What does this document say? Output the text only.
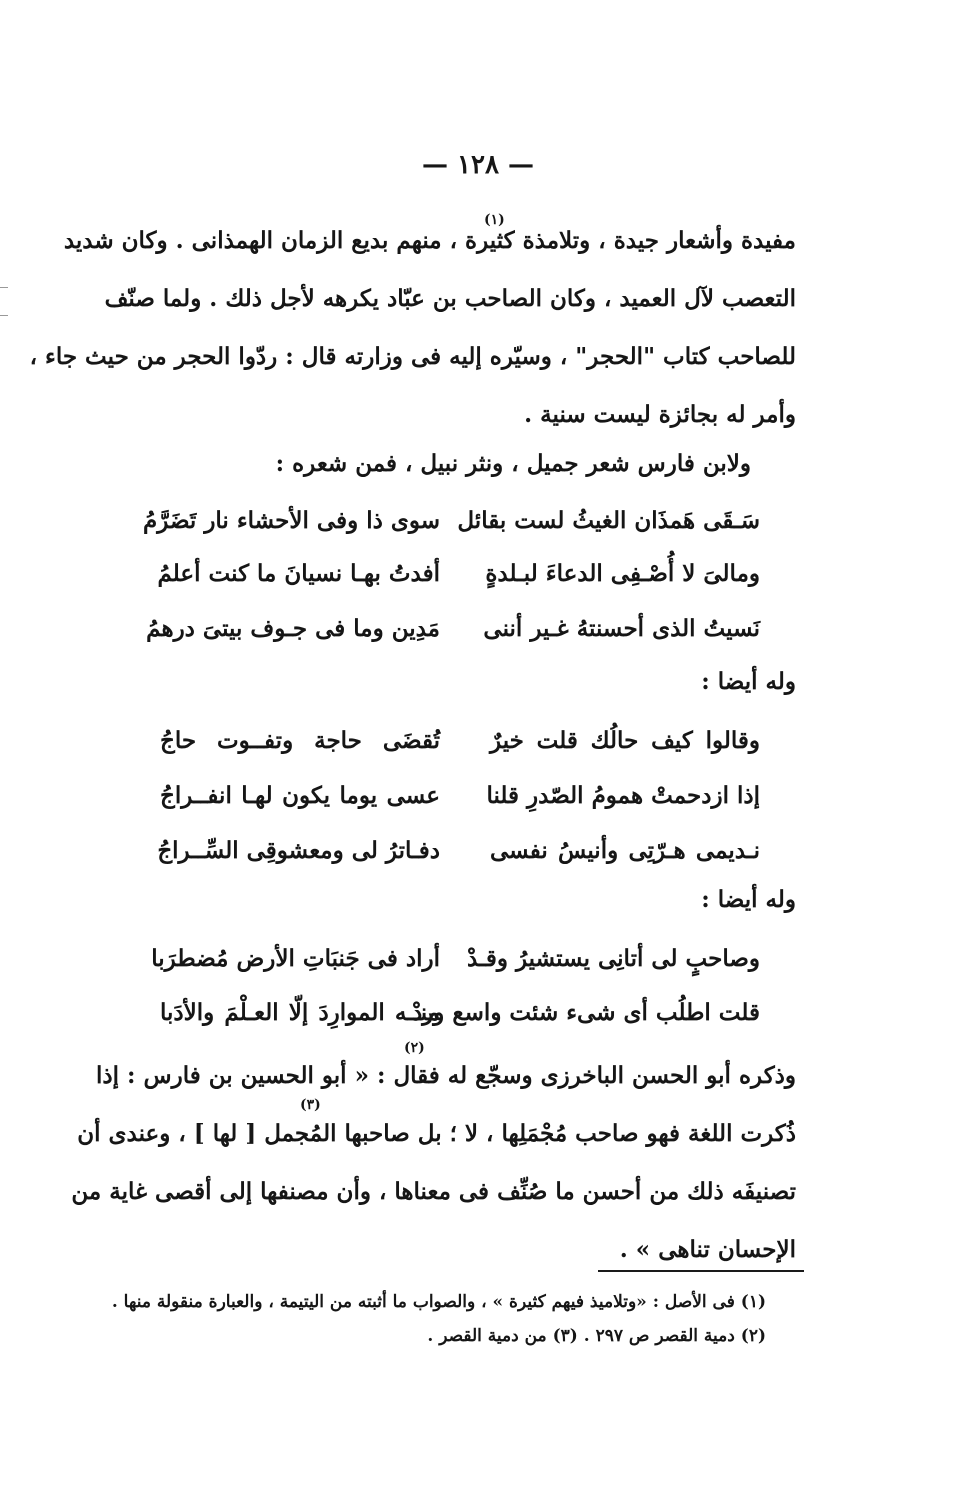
— ١٢٨ —
(١)
مفيدة وأشعار جيدة ، وتلامذة كثيرة ، منهم بديع الزمان الهمذانى . وكان شديد
التعصب لآل العميد ، وكان الصاحب بن عبّاد يكرهه لأجل ذلك . ولما صنّف
للصاحب كتاب "الحجر" ، وسيّره إليه فى وزارته قال : ردّوا الحجر من حيث جاء ،
وأمر له بجائزة ليست سنية .
ولابن فارس شعر جميل ، ونثر نبيل ، فمن شعره :
سَـقَى هَمذَان الغيثُ لست بقائل
سوى ذا وفى الأحشاء نار تَضَرَّمُ
ومالىَ لا أُصْـفِى الدعاءَ لبـلدةٍ
أفدتُ بهـا نسيانَ ما كنت أعلمُ
نَسيتُ الذى أحسنتهُ غـير أننى
مَدِين وما فى جـوف بيتىَ درهمُ
وله أيضا :
وقالوا كيف حالُك قلت خيرٌ
تُقضَى حاجة وتفــوت حاجُ
إذا ازدحمتْ همومُ الصّدرِ قلنا
عسى يوما يكون لهـا انفــراجُ
نـديمى هـرّتِى وأنيسُ نفسى
دفـاترُ لى ومعشوقِى السِّــراجُ
وله أيضا :
وصاحبٍ لى أتانِى يستشيرُ وقـدْ
أراد فى جَنبَاتِ الأرض مُضطرَبا
قلت اطلُب أى شىء شئت واسع وردْ
منــه الموارِدَ إلّا العـلْمَ والأدَبا
(٢)
(٣)
وذكره أبو الحسن الباخرزى وسجّع له فقال : « أبو الحسين بن فارس : إذا
ذُكرت اللغة فهو صاحب مُجْمَلِها ، لا ؛ بل صاحبها المُجمل [ لها ] ، وعندى أن
تصنيفَه ذلك من أحسن ما صُنِّف فى معناها ، وأن مصنفها إلى أقصى غاية من
الإحسان تناهى » .
(١) فى الأصل : «وتلاميذ فيهم كثيرة » ، والصواب ما أثبته من اليتيمة ، والعبارة منقولة منها .
(٢) دمية القصر ص ٢٩٧ . (٣) من دمية القصر .
